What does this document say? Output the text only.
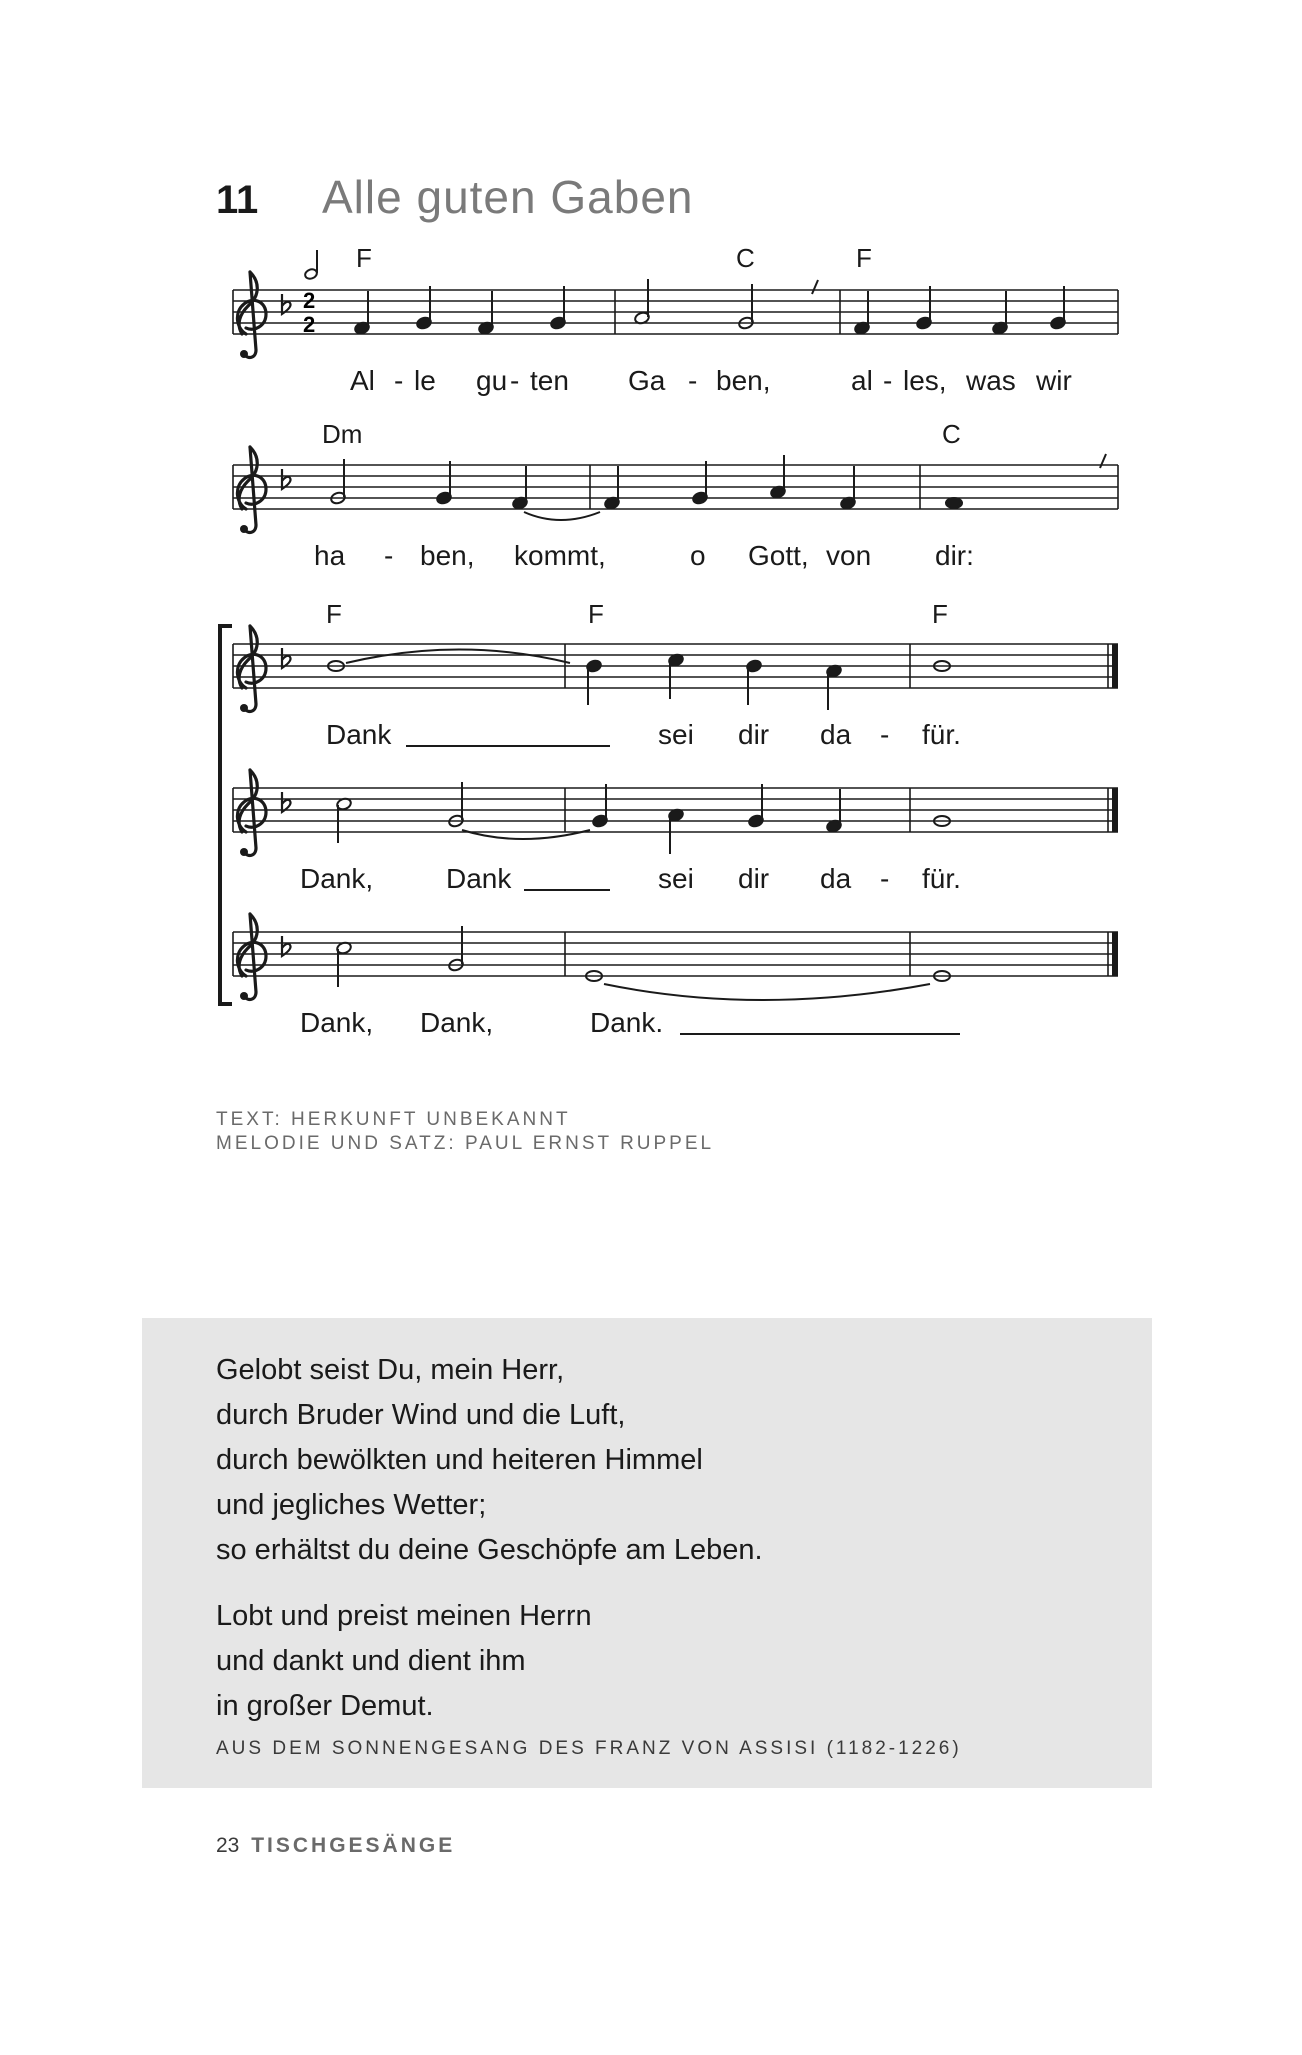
11	Alle guten Gaben
2
2
F	C	F
Al - le gu - ten Ga - ben,	al - les, was wir
Dm	C
ha - ben, kommt,	o Gott, von dir:
F	F	F
Dank	sei dir da - für.
Dank,	Dank	sei dir da - für.
Dank, Dank,	Dank.
TEXT: HERKUNFT UNBEKANNT
MELODIE UND SATZ: PAUL ERNST RUPPEL
Gelobt seist Du, mein Herr,
durch Bruder Wind und die Luft,
durch bewölkten und heiteren Himmel
und jegliches Wetter;
so erhältst du deine Geschöpfe am Leben.
Lobt und preist meinen Herrn
und dankt und dient ihm
in großer Demut.
AUS DEM SONNENGESANG DES FRANZ VON ASSISI (1182-1226)
23 TISCHGESÄNGE
